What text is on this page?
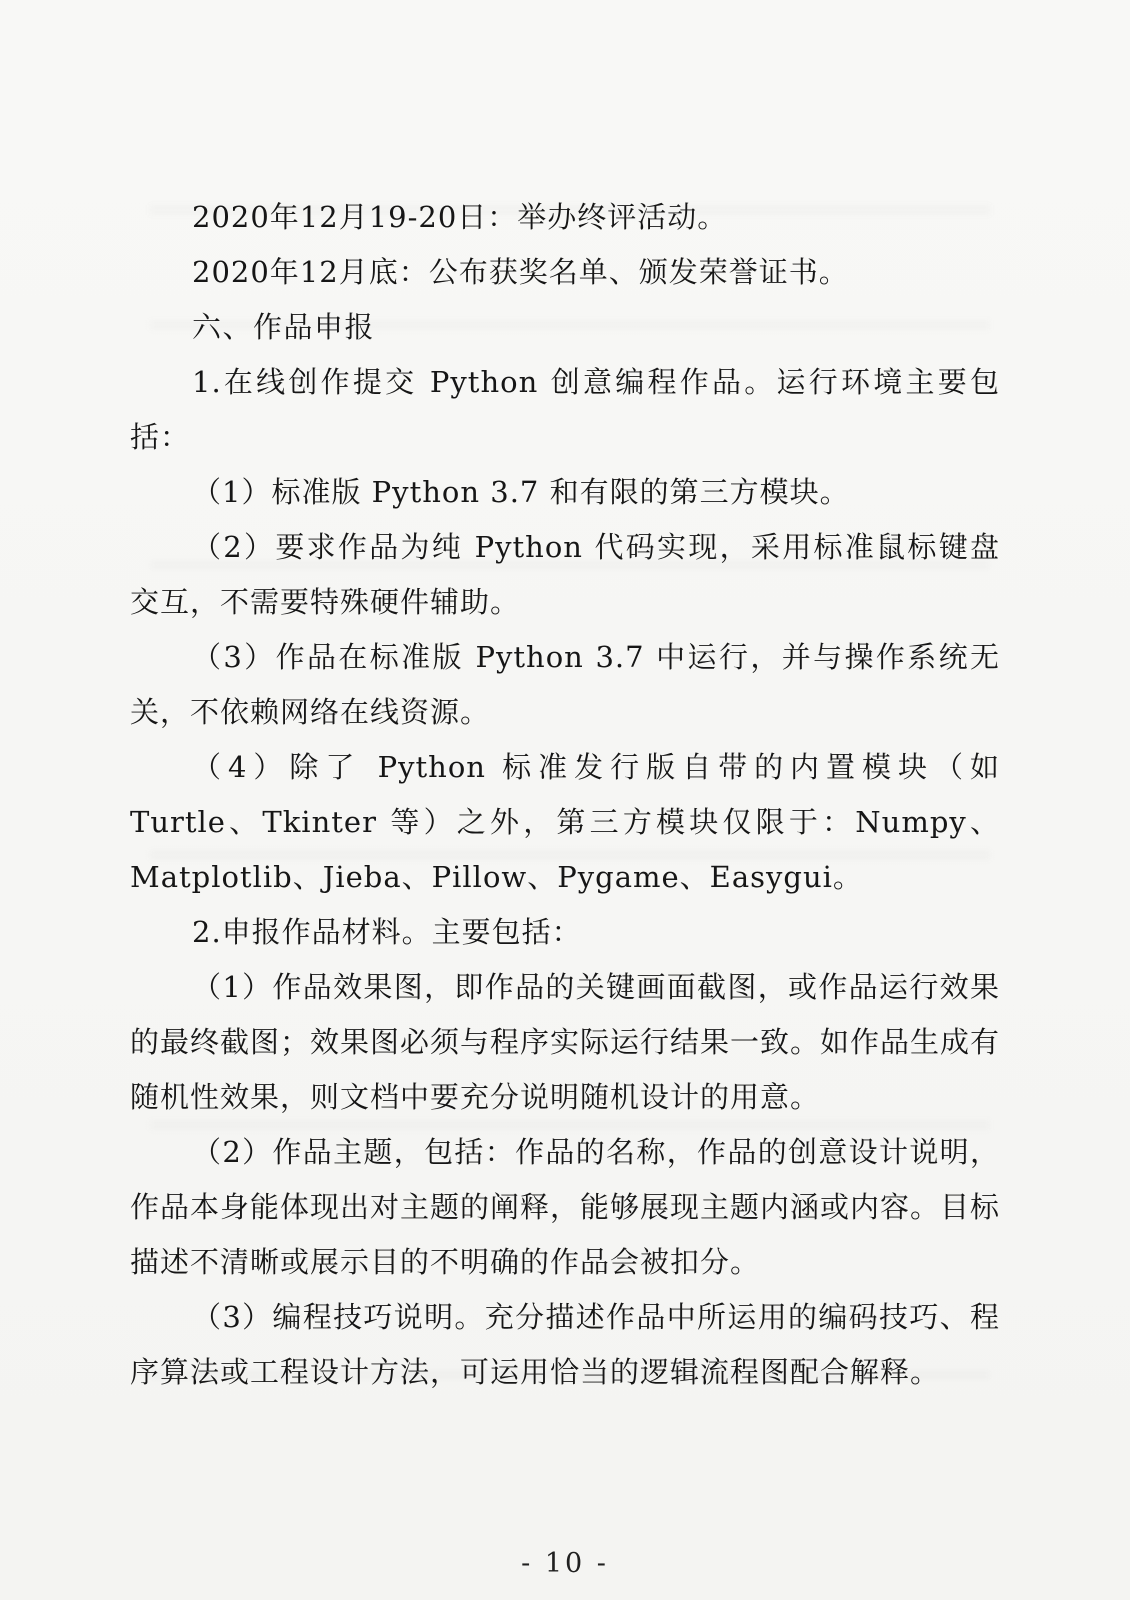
2020年12月19-20日：举办终评活动。

2020年12月底：公布获奖名单、颁发荣誉证书。

六、作品申报

1.在线创作提交 Python 创意编程作品。运行环境主要包括：

（1）标准版 Python 3.7 和有限的第三方模块。

（2）要求作品为纯 Python 代码实现，采用标准鼠标键盘交互，不需要特殊硬件辅助。

（3）作品在标准版 Python 3.7 中运行，并与操作系统无关，不依赖网络在线资源。

（4）除了 Python 标准发行版自带的内置模块（如 Turtle、Tkinter 等）之外，第三方模块仅限于：Numpy、Matplotlib、Jieba、Pillow、Pygame、Easygui。

2.申报作品材料。主要包括：

（1）作品效果图，即作品的关键画面截图，或作品运行效果的最终截图；效果图必须与程序实际运行结果一致。如作品生成有随机性效果，则文档中要充分说明随机设计的用意。

（2）作品主题，包括：作品的名称，作品的创意设计说明，作品本身能体现出对主题的阐释，能够展现主题内涵或内容。目标描述不清晰或展示目的不明确的作品会被扣分。

（3）编程技巧说明。充分描述作品中所运用的编码技巧、程序算法或工程设计方法，可运用恰当的逻辑流程图配合解释。

- 10 -
